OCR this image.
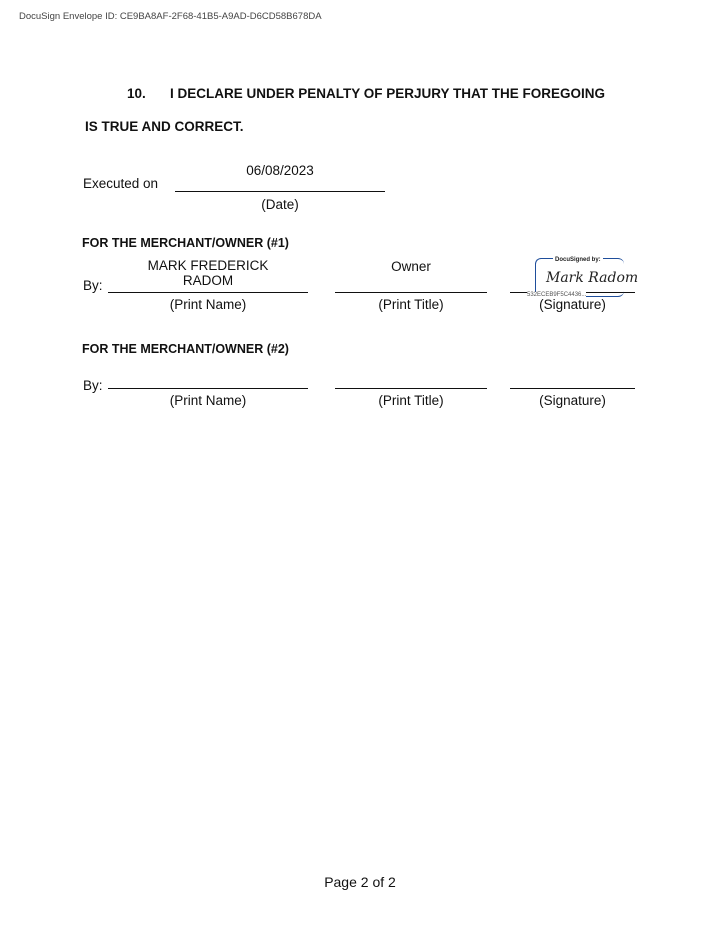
DocuSign Envelope ID: CE9BA8AF-2F68-41B5-A9AD-D6CD58B678DA
10. I DECLARE UNDER PENALTY OF PERJURY THAT THE FOREGOING
IS TRUE AND CORRECT.
Executed on
06/08/2023
(Date)
FOR THE MERCHANT/OWNER (#1)
By:
MARK FREDERICK
RADOM
(Print Name)
Owner
(Print Title)
DocuSigned by:
Mark Radom
532ECEB9F5C4436...
(Signature)
FOR THE MERCHANT/OWNER (#2)
By:
(Print Name)	(Print Title)	(Signature)
Page 2 of 2
